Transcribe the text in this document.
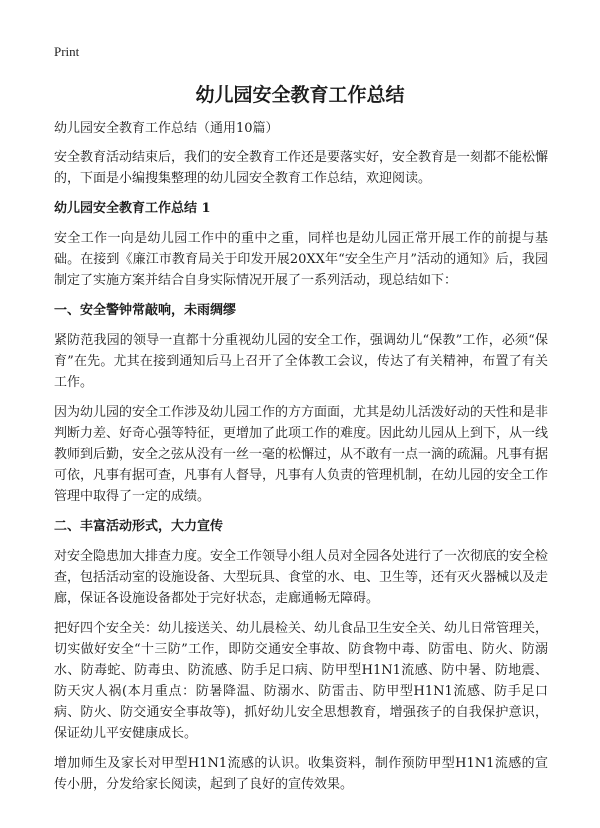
Print
幼儿园安全教育工作总结

幼儿园安全教育工作总结（通用10篇）

安全教育活动结束后，我们的安全教育工作还是要落实好，安全教育是一刻都不能松懈的，下面是小编搜集整理的幼儿园安全教育工作总结，欢迎阅读。

幼儿园安全教育工作总结 1

安全工作一向是幼儿园工作中的重中之重，同样也是幼儿园正常开展工作的前提与基础。在接到《廉江市教育局关于印发开展20XX年“安全生产月”活动的通知》后，我园制定了实施方案并结合自身实际情况开展了一系列活动，现总结如下：

一、安全警钟常敲响，未雨绸缪

紧防范我园的领导一直都十分重视幼儿园的安全工作，强调幼儿“保教”工作，必须“保育”在先。尤其在接到通知后马上召开了全体教工会议，传达了有关精神，布置了有关工作。

因为幼儿园的安全工作涉及幼儿园工作的方方面面，尤其是幼儿活泼好动的天性和是非判断力差、好奇心强等特征，更增加了此项工作的难度。因此幼儿园从上到下，从一线教师到后勤，安全之弦从没有一丝一毫的松懈过，从不敢有一点一滴的疏漏。凡事有据可依，凡事有据可查，凡事有人督导，凡事有人负责的管理机制，在幼儿园的安全工作管理中取得了一定的成绩。

二、丰富活动形式，大力宣传

对安全隐患加大排查力度。安全工作领导小组人员对全园各处进行了一次彻底的安全检查，包括活动室的设施设备、大型玩具、食堂的水、电、卫生等，还有灭火器械以及走廊，保证各设施设备都处于完好状态，走廊通畅无障碍。

把好四个安全关：幼儿接送关、幼儿晨检关、幼儿食品卫生安全关、幼儿日常管理关，切实做好安全“十三防”工作，即防交通安全事故、防食物中毒、防雷电、防火、防溺水、防毒蛇、防毒虫、防流感、防手足口病、防甲型H1N1流感、防中暑、防地震、防天灾人祸(本月重点：防暑降温、防溺水、防雷击、防甲型H1N1流感、防手足口病、防火、防交通安全事故等)，抓好幼儿安全思想教育，增强孩子的自我保护意识，保证幼儿平安健康成长。

增加师生及家长对甲型H1N1流感的认识。收集资料，制作预防甲型H1N1流感的宣传小册，分发给家长阅读，起到了良好的宣传效果。
